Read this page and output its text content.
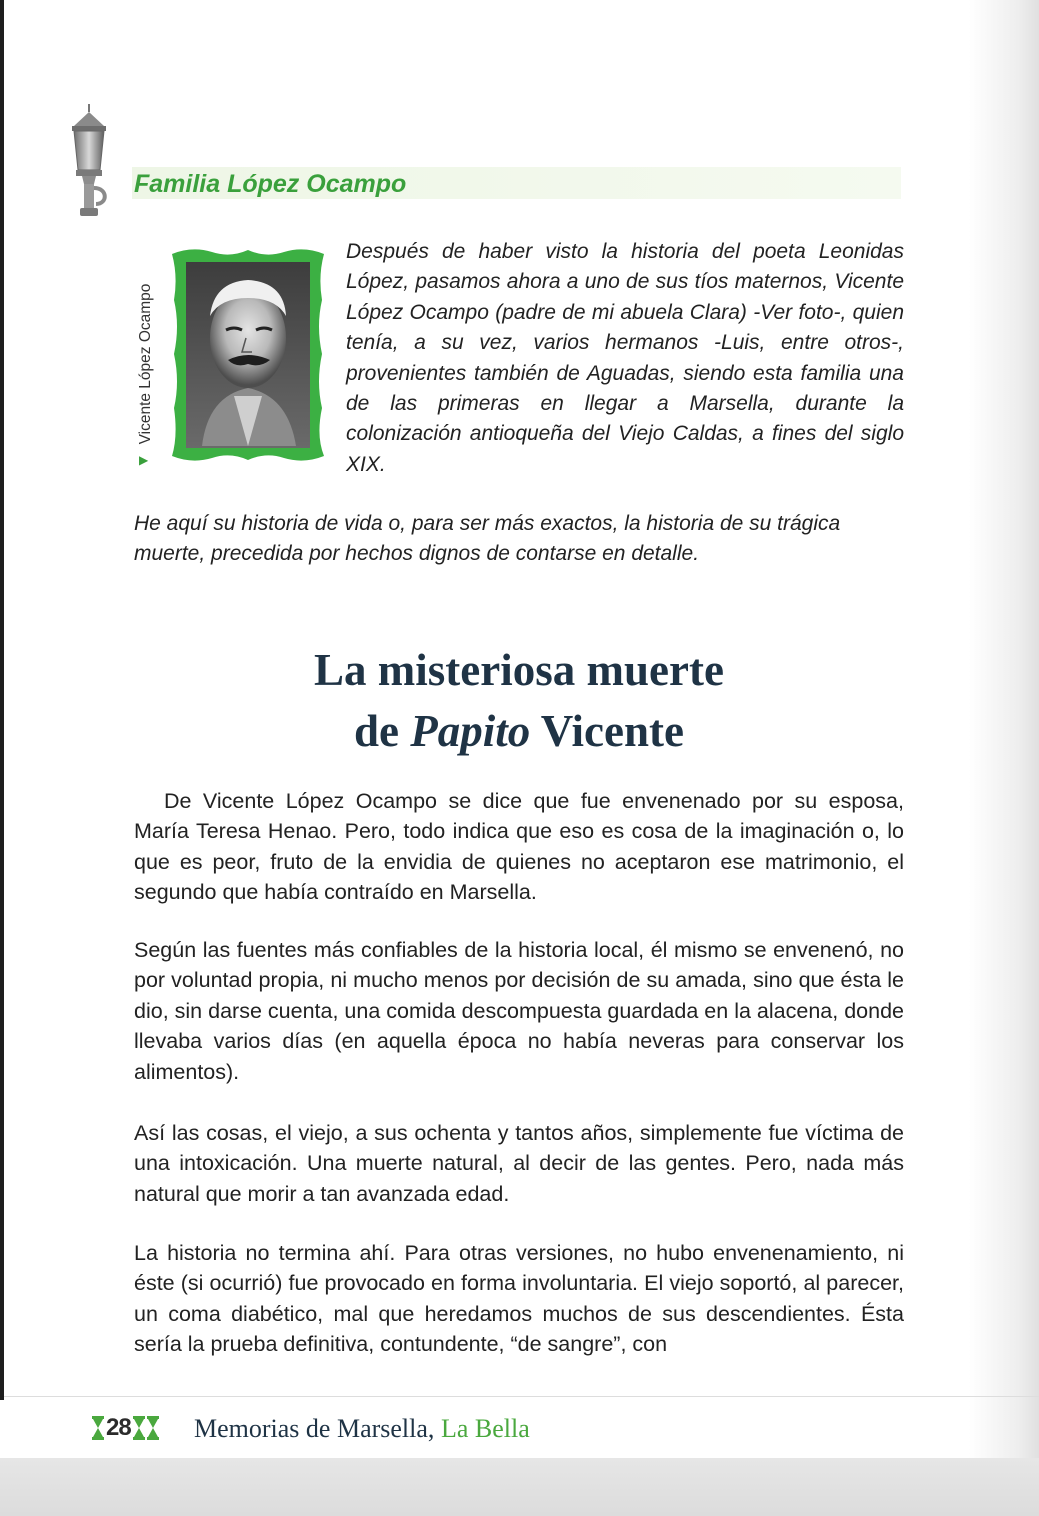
Familia López Ocampo
Vicente López Ocampo
▶

Después de haber visto la historia del poeta Leonidas López, pasamos ahora a uno de sus tíos maternos, Vicente López Ocampo (padre de mi abuela Clara) -Ver foto-, quien tenía, a su vez, varios hermanos -Luis, entre otros-, provenientes también de Aguadas, siendo esta familia una de las primeras en llegar a Marsella, durante la colonización antioqueña del Viejo Caldas, a fines del siglo XIX.

He aquí su historia de vida o, para ser más exactos, la historia de su trágica muerte, precedida por hechos dignos de contarse en detalle.

La misteriosa muerte
de Papito Vicente

De Vicente López Ocampo se dice que fue envenenado por su esposa, María Teresa Henao. Pero, todo indica que eso es cosa de la imaginación o, lo que es peor, fruto de la envidia de quienes no aceptaron ese matrimonio, el segundo que había contraído en Marsella.

Según las fuentes más confiables de la historia local, él mismo se envenenó, no por voluntad propia, ni mucho menos por decisión de su amada, sino que ésta le dio, sin darse cuenta, una comida descompuesta guardada en la alacena, donde llevaba varios días (en aquella época no había neveras para conservar los alimentos).

Así las cosas, el viejo, a sus ochenta y tantos años, simplemente fue víctima de una intoxicación. Una muerte natural, al decir de las gentes. Pero, nada más natural que morir a tan avanzada edad.

La historia no termina ahí. Para otras versiones, no hubo envenenamiento, ni éste (si ocurrió) fue provocado en forma involuntaria. El viejo soportó, al parecer, un coma diabético, mal que heredamos muchos de sus descendientes. Ésta sería la prueba definitiva, contundente, “de sangre”, con

28 Memorias de Marsella, La Bella
